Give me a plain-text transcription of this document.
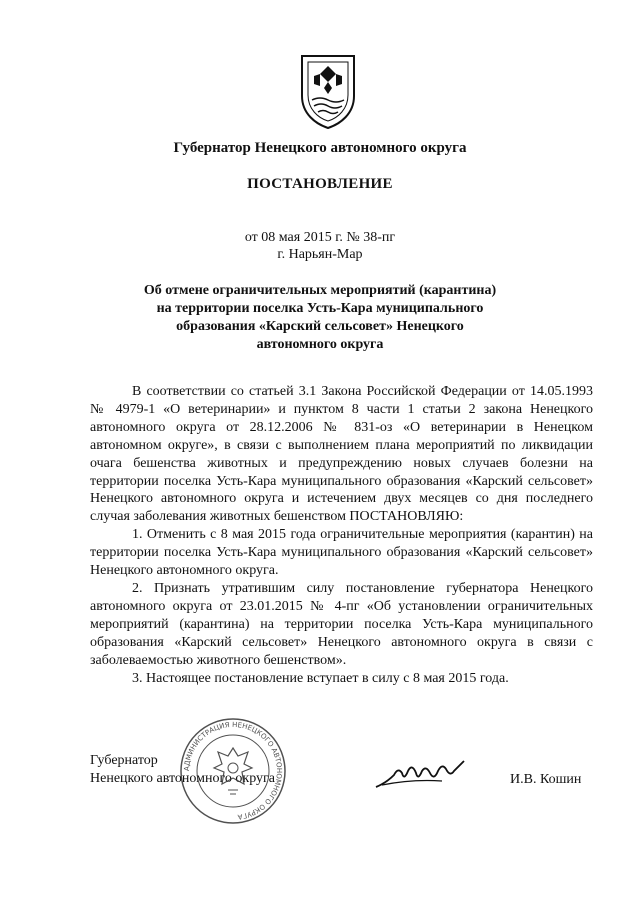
Губернатор Ненецкого автономного округа
ПОСТАНОВЛЕНИЕ
от 08 мая 2015 г. № 38-пг
г. Нарьян-Мар
Об отмене ограничительных мероприятий (карантина)
на территории поселка Усть-Кара муниципального
образования «Карский сельсовет» Ненецкого
автономного округа

В соответствии со статьей 3.1 Закона Российской Федерации от 14.05.1993 № 4979-1 «О ветеринарии» и пунктом 8 части 1 статьи 2 закона Ненецкого автономного округа от 28.12.2006 № 831-оз «О ветеринарии в Ненецком автономном округе», в связи с выполнением плана мероприятий по ликвидации очага бешенства животных и предупреждению новых случаев болезни на территории поселка Усть-Кара муниципального образования «Карский сельсовет» Ненецкого автономного округа и истечением двух месяцев со дня последнего случая заболевания животных бешенством ПОСТАНОВЛЯЮ:

1. Отменить с 8 мая 2015 года ограничительные мероприятия (карантин) на территории поселка Усть-Кара муниципального образования «Карский сельсовет» Ненецкого автономного округа.

2. Признать утратившим силу постановление губернатора Ненецкого автономного округа от 23.01.2015 № 4-пг «Об установлении ограничительных мероприятий (карантина) на территории поселка Усть-Кара муниципального образования «Карский сельсовет» Ненецкого автономного округа в связи с заболеваемостью животного бешенством».

3. Настоящее постановление вступает в силу с 8 мая 2015 года.

Губернатор
Ненецкого автономного округа
АДМИНИСТРАЦИЯ НЕНЕЦКОГО АВТОНОМНОГО ОКРУГА
И.В. Кошин
